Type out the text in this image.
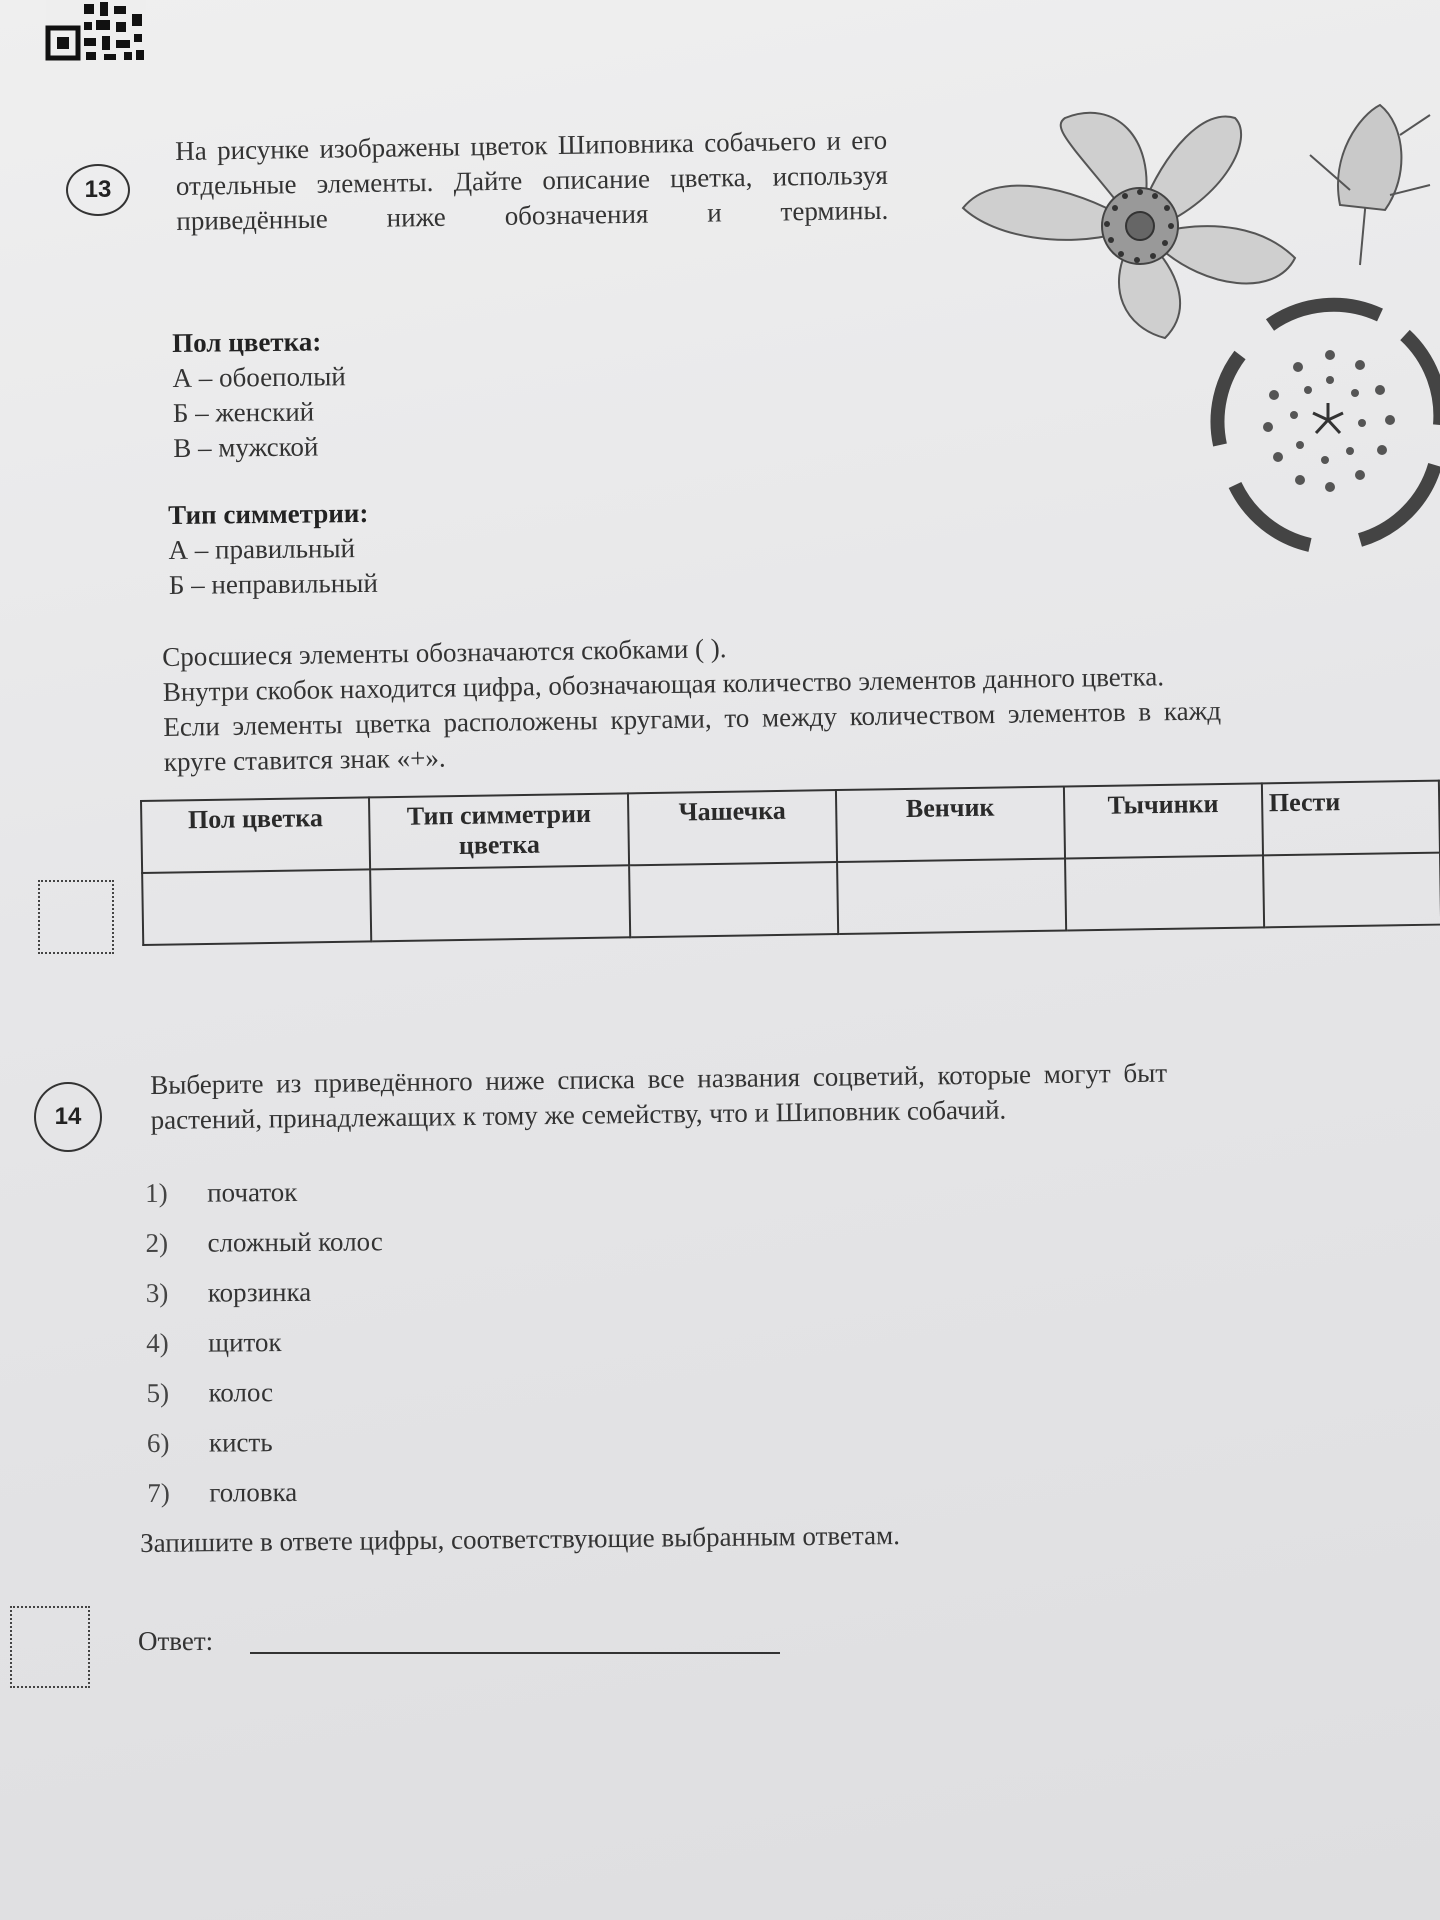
13
На рисунке изображены цветок Шиповника собачьего и его отдельные элементы. Дайте описание цветка, используя приведённые ниже обозначения и термины.
Пол цветка:
А – обоеполый
Б – женский
В – мужской
Тип симметрии:
А – правильный
Б – неправильный
Сросшиеся элементы обозначаются скобками ( ).
Внутри скобок находится цифра, обозначающая количество элементов данного цветка.
Если элементы цветка расположены кругами, то между количеством элементов в кажд
круге ставится знак «+».
Пол цветка	Тип симметрии цветка	Чашечка	Венчик	Тычинки	Пести

14
Выберите из приведённого ниже списка все названия соцветий, которые могут быт
растений, принадлежащих к тому же семейству, что и Шиповник собачий.
1) початок
2) сложный колос
3) корзинка
4) щиток
5) колос
6) кисть
7) головка
Запишите в ответе цифры, соответствующие выбранным ответам.
Ответ:
